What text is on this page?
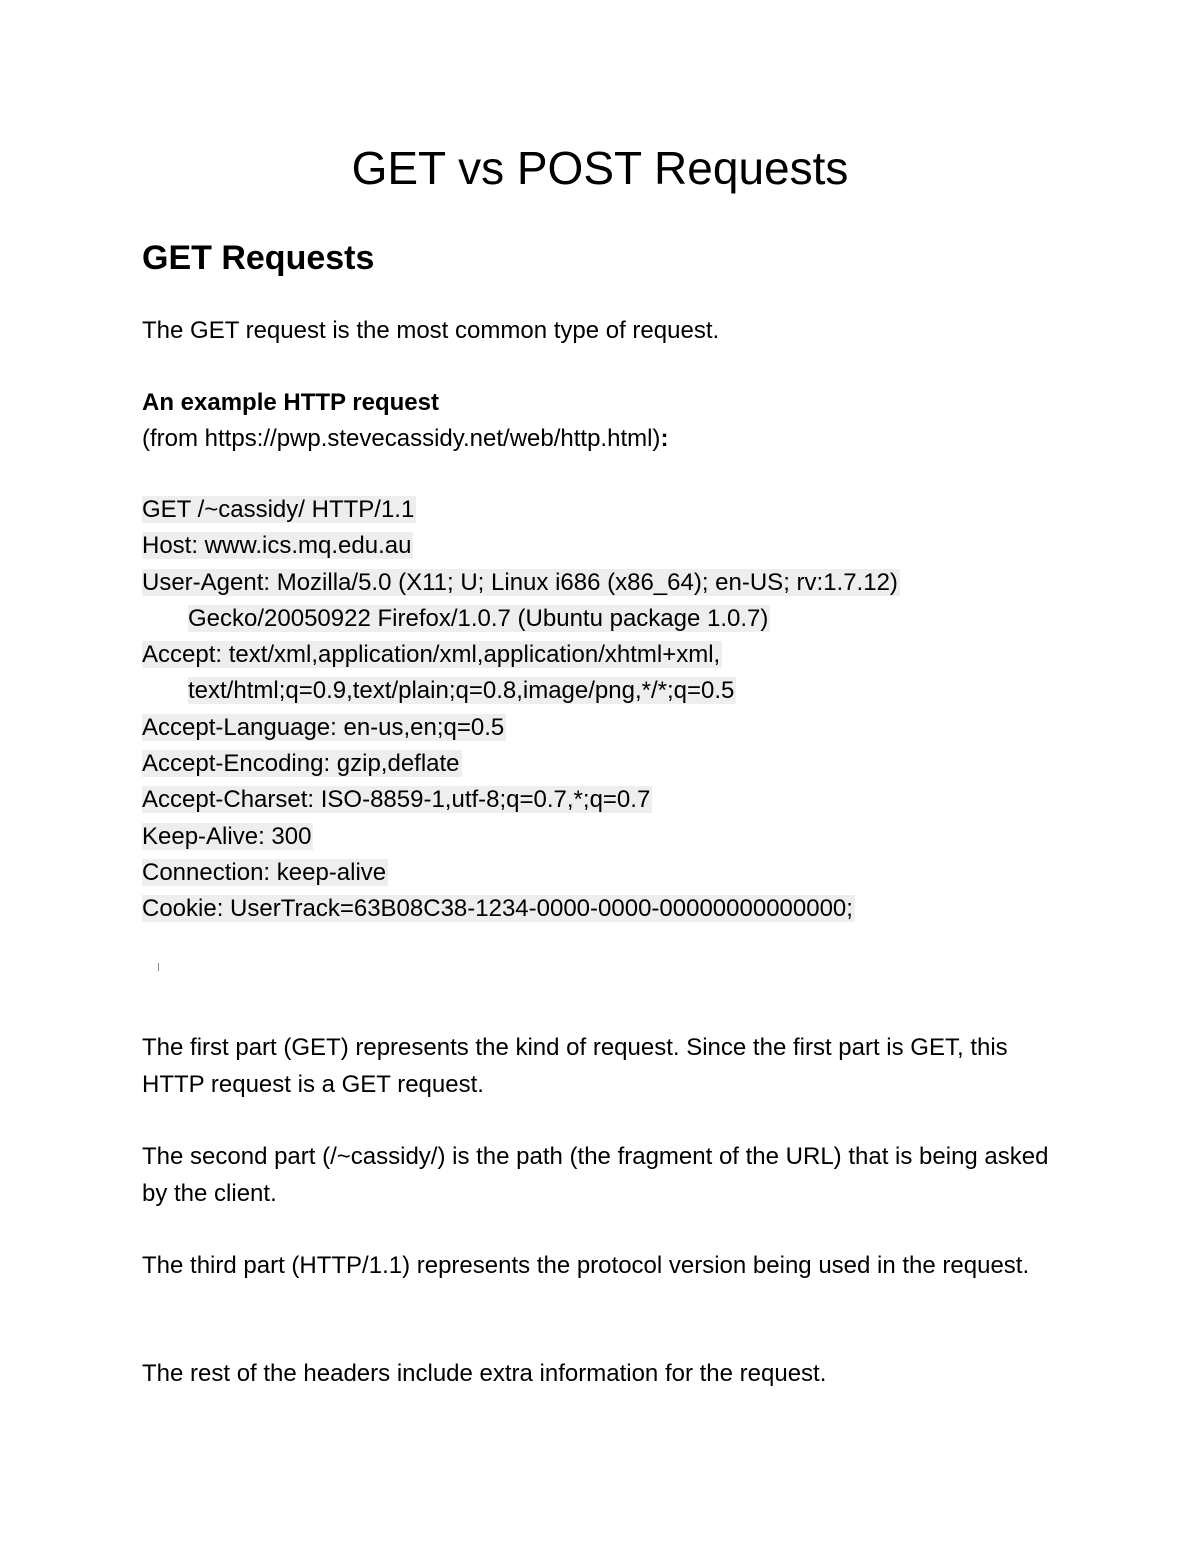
GET vs POST Requests
GET Requests

The GET request is the most common type of request.

An example HTTP request

(from https://pwp.stevecassidy.net/web/http.html):

GET /~cassidy/ HTTP/1.1
Host: www.ics.mq.edu.au
User-Agent: Mozilla/5.0 (X11; U; Linux i686 (x86_64); en-US; rv:1.7.12)
Gecko/20050922 Firefox/1.0.7 (Ubuntu package 1.0.7)
Accept: text/xml,application/xml,application/xhtml+xml,
text/html;q=0.9,text/plain;q=0.8,image/png,*/*;q=0.5
Accept-Language: en-us,en;q=0.5
Accept-Encoding: gzip,deflate
Accept-Charset: ISO-8859-1,utf-8;q=0.7,*;q=0.7
Keep-Alive: 300
Connection: keep-alive
Cookie: UserTrack=63B08C38-1234-0000-0000-00000000000000;

The first part (GET) represents the kind of request. Since the first part is GET, this HTTP request is a GET request.

The second part (/~cassidy/) is the path (the fragment of the URL) that is being asked by the client.

The third part (HTTP/1.1) represents the protocol version being used in the request.

The rest of the headers include extra information for the request.
